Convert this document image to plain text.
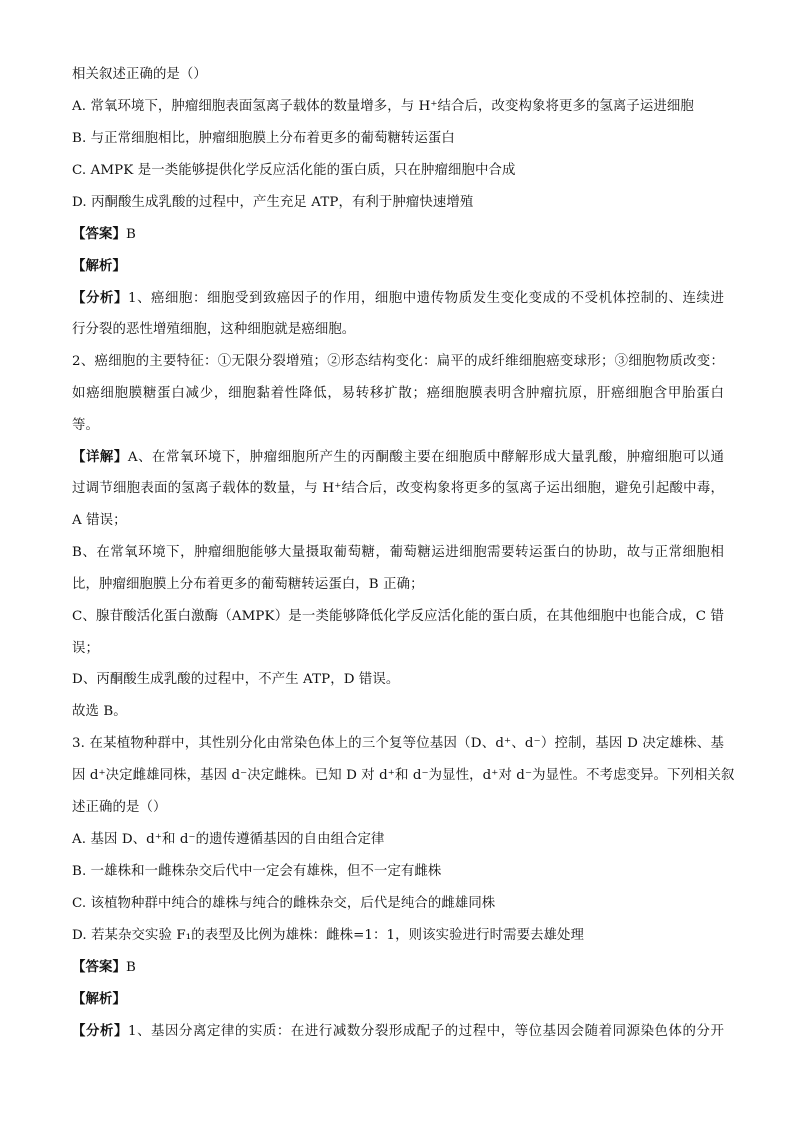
相关叙述正确的是（）
A. 常氧环境下，肿瘤细胞表面氢离子载体的数量增多，与 H⁺结合后，改变构象将更多的氢离子运进细胞
B. 与正常细胞相比，肿瘤细胞膜上分布着更多的葡萄糖转运蛋白
C. AMPK 是一类能够提供化学反应活化能的蛋白质，只在肿瘤细胞中合成
D. 丙酮酸生成乳酸的过程中，产生充足 ATP，有利于肿瘤快速增殖
【答案】B
【解析】
【分析】1、癌细胞：细胞受到致癌因子的作用，细胞中遗传物质发生变化变成的不受机体控制的、连续进
行分裂的恶性增殖细胞，这种细胞就是癌细胞。
2、癌细胞的主要特征：①无限分裂增殖；②形态结构变化：扁平的成纤维细胞癌变球形；③细胞物质改变：
如癌细胞膜糖蛋白减少，细胞黏着性降低，易转移扩散；癌细胞膜表明含肿瘤抗原，肝癌细胞含甲胎蛋白
等。
【详解】A、在常氧环境下，肿瘤细胞所产生的丙酮酸主要在细胞质中酵解形成大量乳酸，肿瘤细胞可以通
过调节细胞表面的氢离子载体的数量，与 H⁺结合后，改变构象将更多的氢离子运出细胞，避免引起酸中毒，
A 错误；
B、在常氧环境下，肿瘤细胞能够大量摄取葡萄糖，葡萄糖运进细胞需要转运蛋白的协助，故与正常细胞相
比，肿瘤细胞膜上分布着更多的葡萄糖转运蛋白，B 正确；
C、腺苷酸活化蛋白激酶（AMPK）是一类能够降低化学反应活化能的蛋白质，在其他细胞中也能合成，C 错
误；
D、丙酮酸生成乳酸的过程中，不产生 ATP，D 错误。
故选 B。
3. 在某植物种群中，其性别分化由常染色体上的三个复等位基因（D、d⁺、d⁻）控制，基因 D 决定雄株、基
因 d⁺决定雌雄同株，基因 d⁻决定雌株。已知 D 对 d⁺和 d⁻为显性，d⁺对 d⁻为显性。不考虑变异。下列相关叙
述正确的是（）
A. 基因 D、d⁺和 d⁻的遗传遵循基因的自由组合定律
B. 一雄株和一雌株杂交后代中一定会有雄株，但不一定有雌株
C. 该植物种群中纯合的雄株与纯合的雌株杂交，后代是纯合的雌雄同株
D. 若某杂交实验 F₁的表型及比例为雄株：雌株=1：1，则该实验进行时需要去雄处理
【答案】B
【解析】
【分析】1、基因分离定律的实质：在进行减数分裂形成配子的过程中，等位基因会随着同源染色体的分开
